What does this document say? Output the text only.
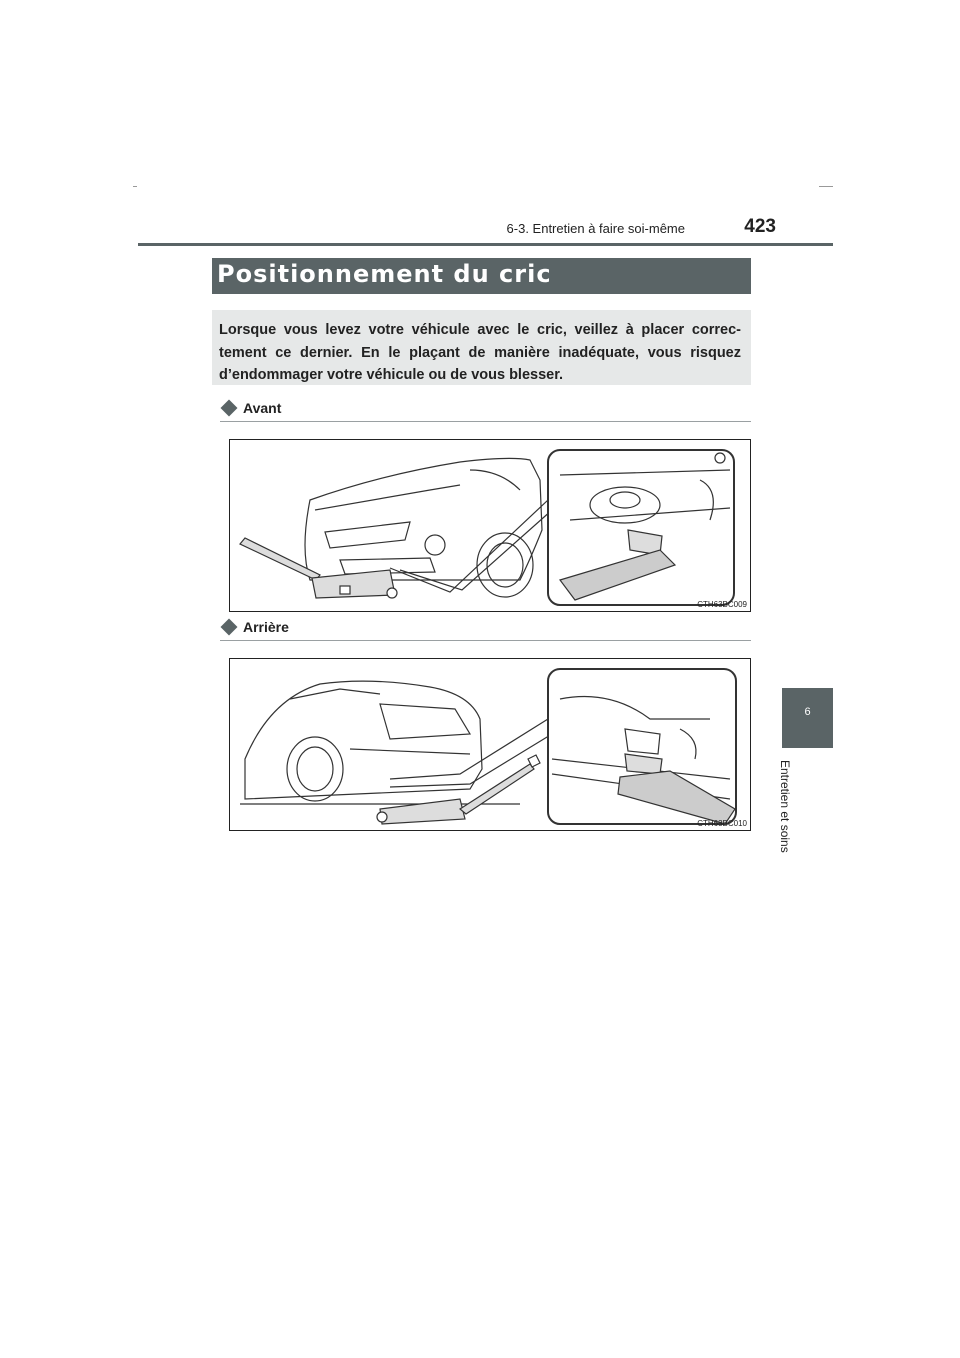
6-3. Entretien à faire soi-même	423
6
Entretien et soins
Positionnement du cric

Lorsque vous levez votre véhicule avec le cric, veillez à placer correc-tement ce dernier. En le plaçant de manière inadéquate, vous risquez d’endommager votre véhicule ou de vous blesser.

Avant
CTH63BC009
Arrière
CTH63BC010
